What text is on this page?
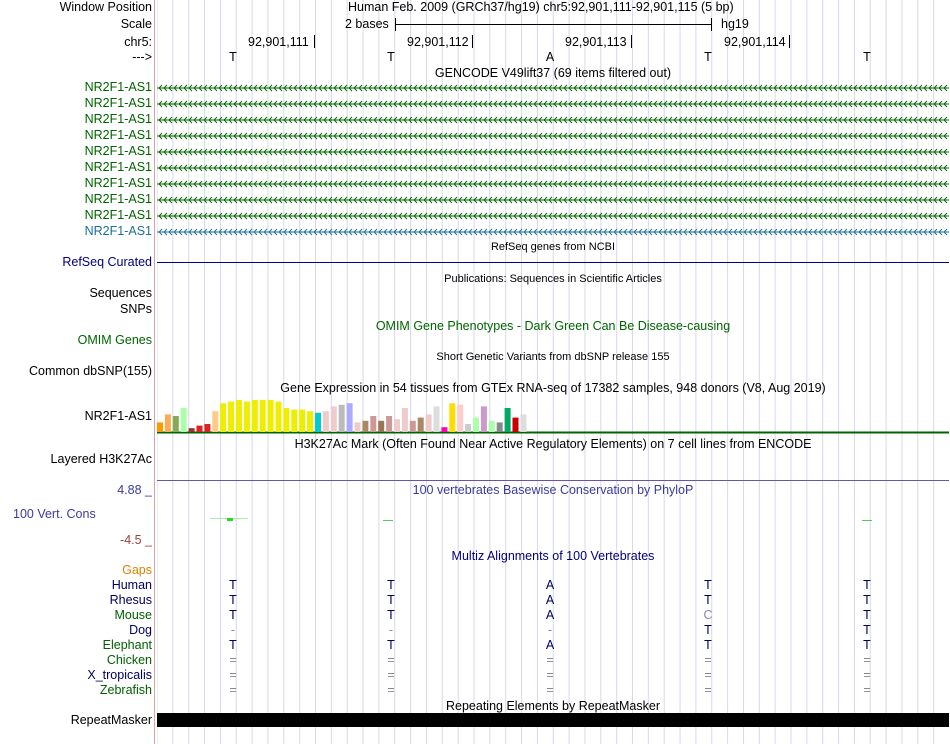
Window Position	Human Feb. 2009 (GRCh37/hg19) chr5:92,901,111-92,901,115 (5 bp)
Scale	2 bases	hg19
chr5:	92,901,111	92,901,112	92,901,113	92,901,114
--->	T	T	A	T	T
GENCODE V49lift37 (69 items filtered out)
NR2F1-AS1
NR2F1-AS1
NR2F1-AS1
NR2F1-AS1
NR2F1-AS1
NR2F1-AS1
NR2F1-AS1
NR2F1-AS1
NR2F1-AS1
NR2F1-AS1
RefSeq genes from NCBI
RefSeq Curated
Publications: Sequences in Scientific Articles
Sequences
SNPs
OMIM Gene Phenotypes - Dark Green Can Be Disease-causing
OMIM Genes
Short Genetic Variants from dbSNP release 155
Common dbSNP(155)
Gene Expression in 54 tissues from GTEx RNA-seq of 17382 samples, 948 donors (V8, Aug 2019)
NR2F1-AS1
H3K27Ac Mark (Often Found Near Active Regulatory Elements) on 7 cell lines from ENCODE
Layered H3K27Ac
4.88 _	100 vertebrates Basewise Conservation by PhyloP
100 Vert. Cons
-4.5 _
Multiz Alignments of 100 Vertebrates
Gaps
Human	T	T	A	T	T
Rhesus	T	T	A	T	T
Mouse	T	T	A	C	T
Dog	-	-	-	T	T
Elephant	T	T	A	T	T
Chicken	=	=	=	=	=
X_tropicalis	=	=	=	=	=
Zebrafish	=	=	=	=	=
Repeating Elements by RepeatMasker
RepeatMasker
